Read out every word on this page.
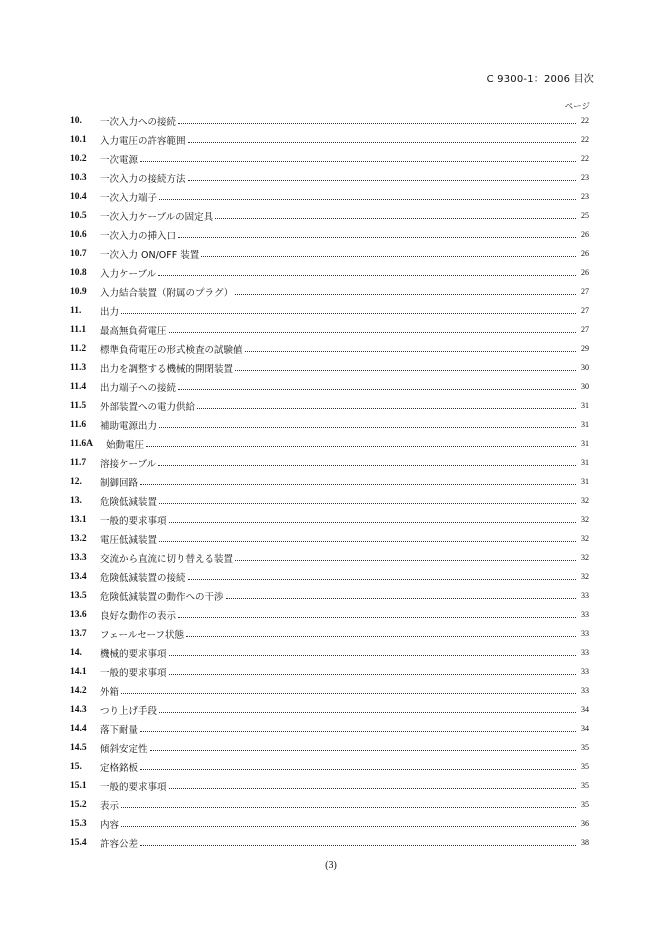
C 9300-1：2006 目次
ページ
10.	一次入力への接続	22
10.1	入力電圧の許容範囲	22
10.2	一次電源	22
10.3	一次入力の接続方法	23
10.4	一次入力端子	23
10.5	一次入力ケーブルの固定具	25
10.6	一次入力の挿入口	26
10.7	一次入力 ON/OFF 装置	26
10.8	入力ケーブル	26
10.9	入力結合装置（附属のプラグ）	27
11.	出力	27
11.1	最高無負荷電圧	27
11.2	標準負荷電圧の形式検査の試験値	29
11.3	出力を調整する機械的開閉装置	30
11.4	出力端子への接続	30
11.5	外部装置への電力供給	31
11.6	補助電源出力	31
11.6A	始動電圧	31
11.7	溶接ケーブル	31
12.	制御回路	31
13.	危険低減装置	32
13.1	一般的要求事項	32
13.2	電圧低減装置	32
13.3	交流から直流に切り替える装置	32
13.4	危険低減装置の接続	32
13.5	危険低減装置の動作への干渉	33
13.6	良好な動作の表示	33
13.7	フェールセーフ状態	33
14.	機械的要求事項	33
14.1	一般的要求事項	33
14.2	外箱	33
14.3	つり上げ手段	34
14.4	落下耐量	34
14.5	傾斜安定性	35
15.	定格銘板	35
15.1	一般的要求事項	35
15.2	表示	35
15.3	内容	36
15.4	許容公差	38
(3)
